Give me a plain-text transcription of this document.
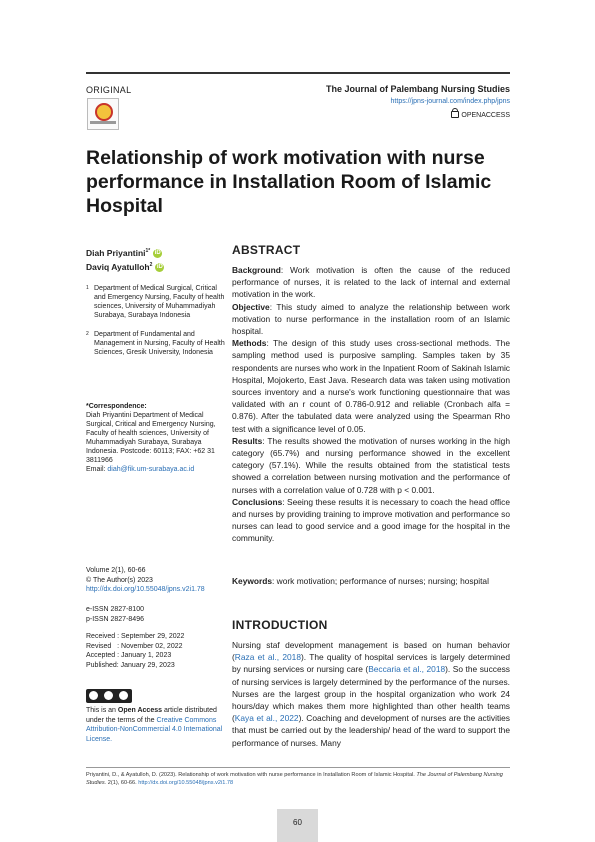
ORIGINAL	The Journal of Palembang Nursing Studies
https://jpns-journal.com/index.php/jpns
OPENACCESS
Relationship of work motivation with nurse performance in Installation Room of Islamic Hospital
Diah Priyantini$^{1*}$ iD
Daviq Ayatulloh$^2$ iD
1 Department of Medical Surgical, Critical and Emergency Nursing, Faculty of health sciences, University of Muhammadiyah Surabaya, Surabaya Indonesia
2 Department of Fundamental and Management in Nursing, Faculty of Health Sciences, Gresik University, Indonesia
*Correspondence:
Diah Priyantini Department of Medical Surgical, Critical and Emergency Nursing, Faculty of health sciences, University of Muhammadiyah Surabaya, Surabaya Indonesia. Postcode: 60113; FAX: +62 31 3811966
Email: diah@fik.um-surabaya.ac.id
Volume 2(1), 60-66
© The Author(s) 2023
http://dx.doi.org/10.55048/jpns.v2i1.78
e-ISSN 2827-8100
p-ISSN 2827-8496
Received : September 29, 2022
Revised   : November 02, 2022
Accepted : January 1, 2023
Published: January 29, 2023
This is an Open Access article distributed under the terms of the Creative Commons Attribution-NonCommercial 4.0 International License.
ABSTRACT
Background: Work motivation is often the cause of the reduced performance of nurses, it is related to the lack of internal and external motivation in the work.
Objective: This study aimed to analyze the relationship between work motivation to nurse performance in the installation room of an Islamic hospital.
Methods: The design of this study uses cross-sectional methods. The sampling method used is purposive sampling. Samples taken by 35 respondents are nurses who work in the Inpatient Room of Sakinah Islamic Hospital, Mojokerto, East Java. Research data was taken using motivation sources inventory and a nurse's work functioning questionnaire that was validated with an r count of 0.786-0.912 and reliable (Cronbach alfa = 0.876). After the tabulated data were analyzed using the Spearman Rho test with a significance level of 0.05.
Results: The results showed the motivation of nurses working in the high category (65.7%) and nursing performance showed in the excellent category (57.1%). While the results obtained from the statistical tests showed a correlation between nursing motivation and the performance of nurses with a correlation value of 0.728 with p < 0.001.
Conclusions: Seeing these results it is necessary to coach the head office and nurses by providing training to improve motivation and performance so nurses can lead to good service and a good image for the hospital in the community.
Keywords: work motivation; performance of nurses; nursing; hospital
INTRODUCTION
Nursing staf development management is based on human behavior (Raza et al., 2018). The quality of hospital services is largely determined by nursing services or nursing care (Beccaria et al., 2018). So the success of nursing services is largely determined by the performance of the nurses. Nurses are the largest group in the hospital organization who work 24 hours/day which makes them more highlighted than other health teams (Kaya et al., 2022). Coaching and development of nurses are the activities that must be carried out by the leadership/ head of the ward to support the performance of nurses. Many
Priyantini, D., & Ayatulloh, D. (2023). Relationship of work motivation with nurse performance in Installation Room of Islamic Hospital. The Journal of Palembang Nursing Studies. 2(1), 60-66. http://dx.doi.org/10.55048/jpns.v2i1.78
60
